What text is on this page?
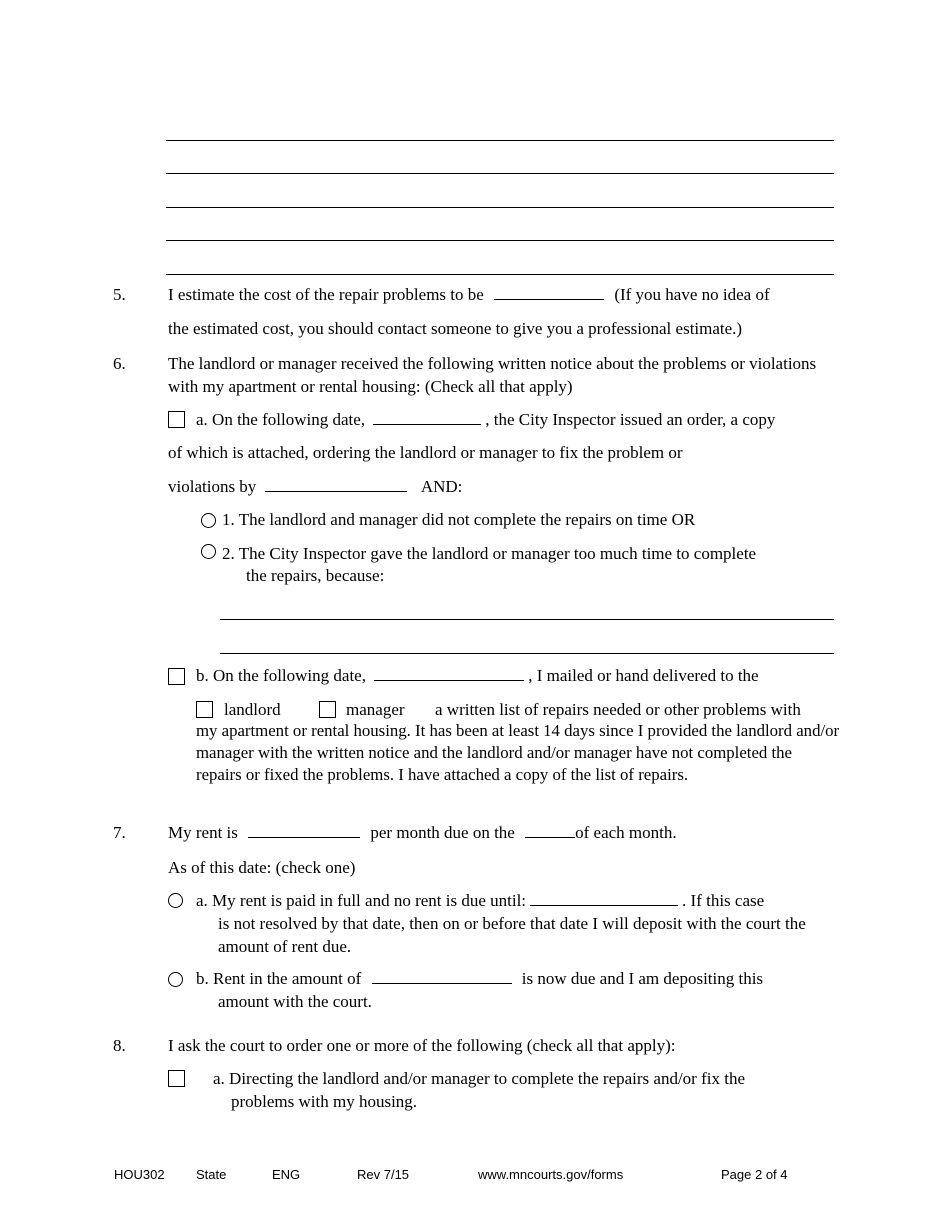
5. I estimate the cost of the repair problems to be	(If you have no idea of
the estimated cost, you should contact someone to give you a professional estimate.)
6. The landlord or manager received the following written notice about the problems or violations with my apartment or rental housing: (Check all that apply)
a. On the following date,	, the City Inspector issued an order, a copy
of which is attached, ordering the landlord or manager to fix the problem or
violations by	AND:
1. The landlord and manager did not complete the repairs on time OR
2. The City Inspector gave the landlord or manager too much time to complete
the repairs, because:
b. On the following date,	, I mailed or hand delivered to the
landlord	manager a written list of repairs needed or other problems with
my apartment or rental housing. It has been at least 14 days since I provided the landlord and/or manager with the written notice and the landlord and/or manager have not completed the repairs or fixed the problems. I have attached a copy of the list of repairs.
7. My rent is	per month due on the	of each month.
As of this date: (check one)
a. My rent is paid in full and no rent is due until:	. If this case
is not resolved by that date, then on or before that date I will deposit with the court the amount of rent due.
b. Rent in the amount of	is now due and I am depositing this
amount with the court.
8. I ask the court to order one or more of the following (check all that apply):
a. Directing the landlord and/or manager to complete the repairs and/or fix the problems with my housing.
HOU302 State	ENG	Rev 7/15	www.mncourts.gov/forms	Page 2 of 4
